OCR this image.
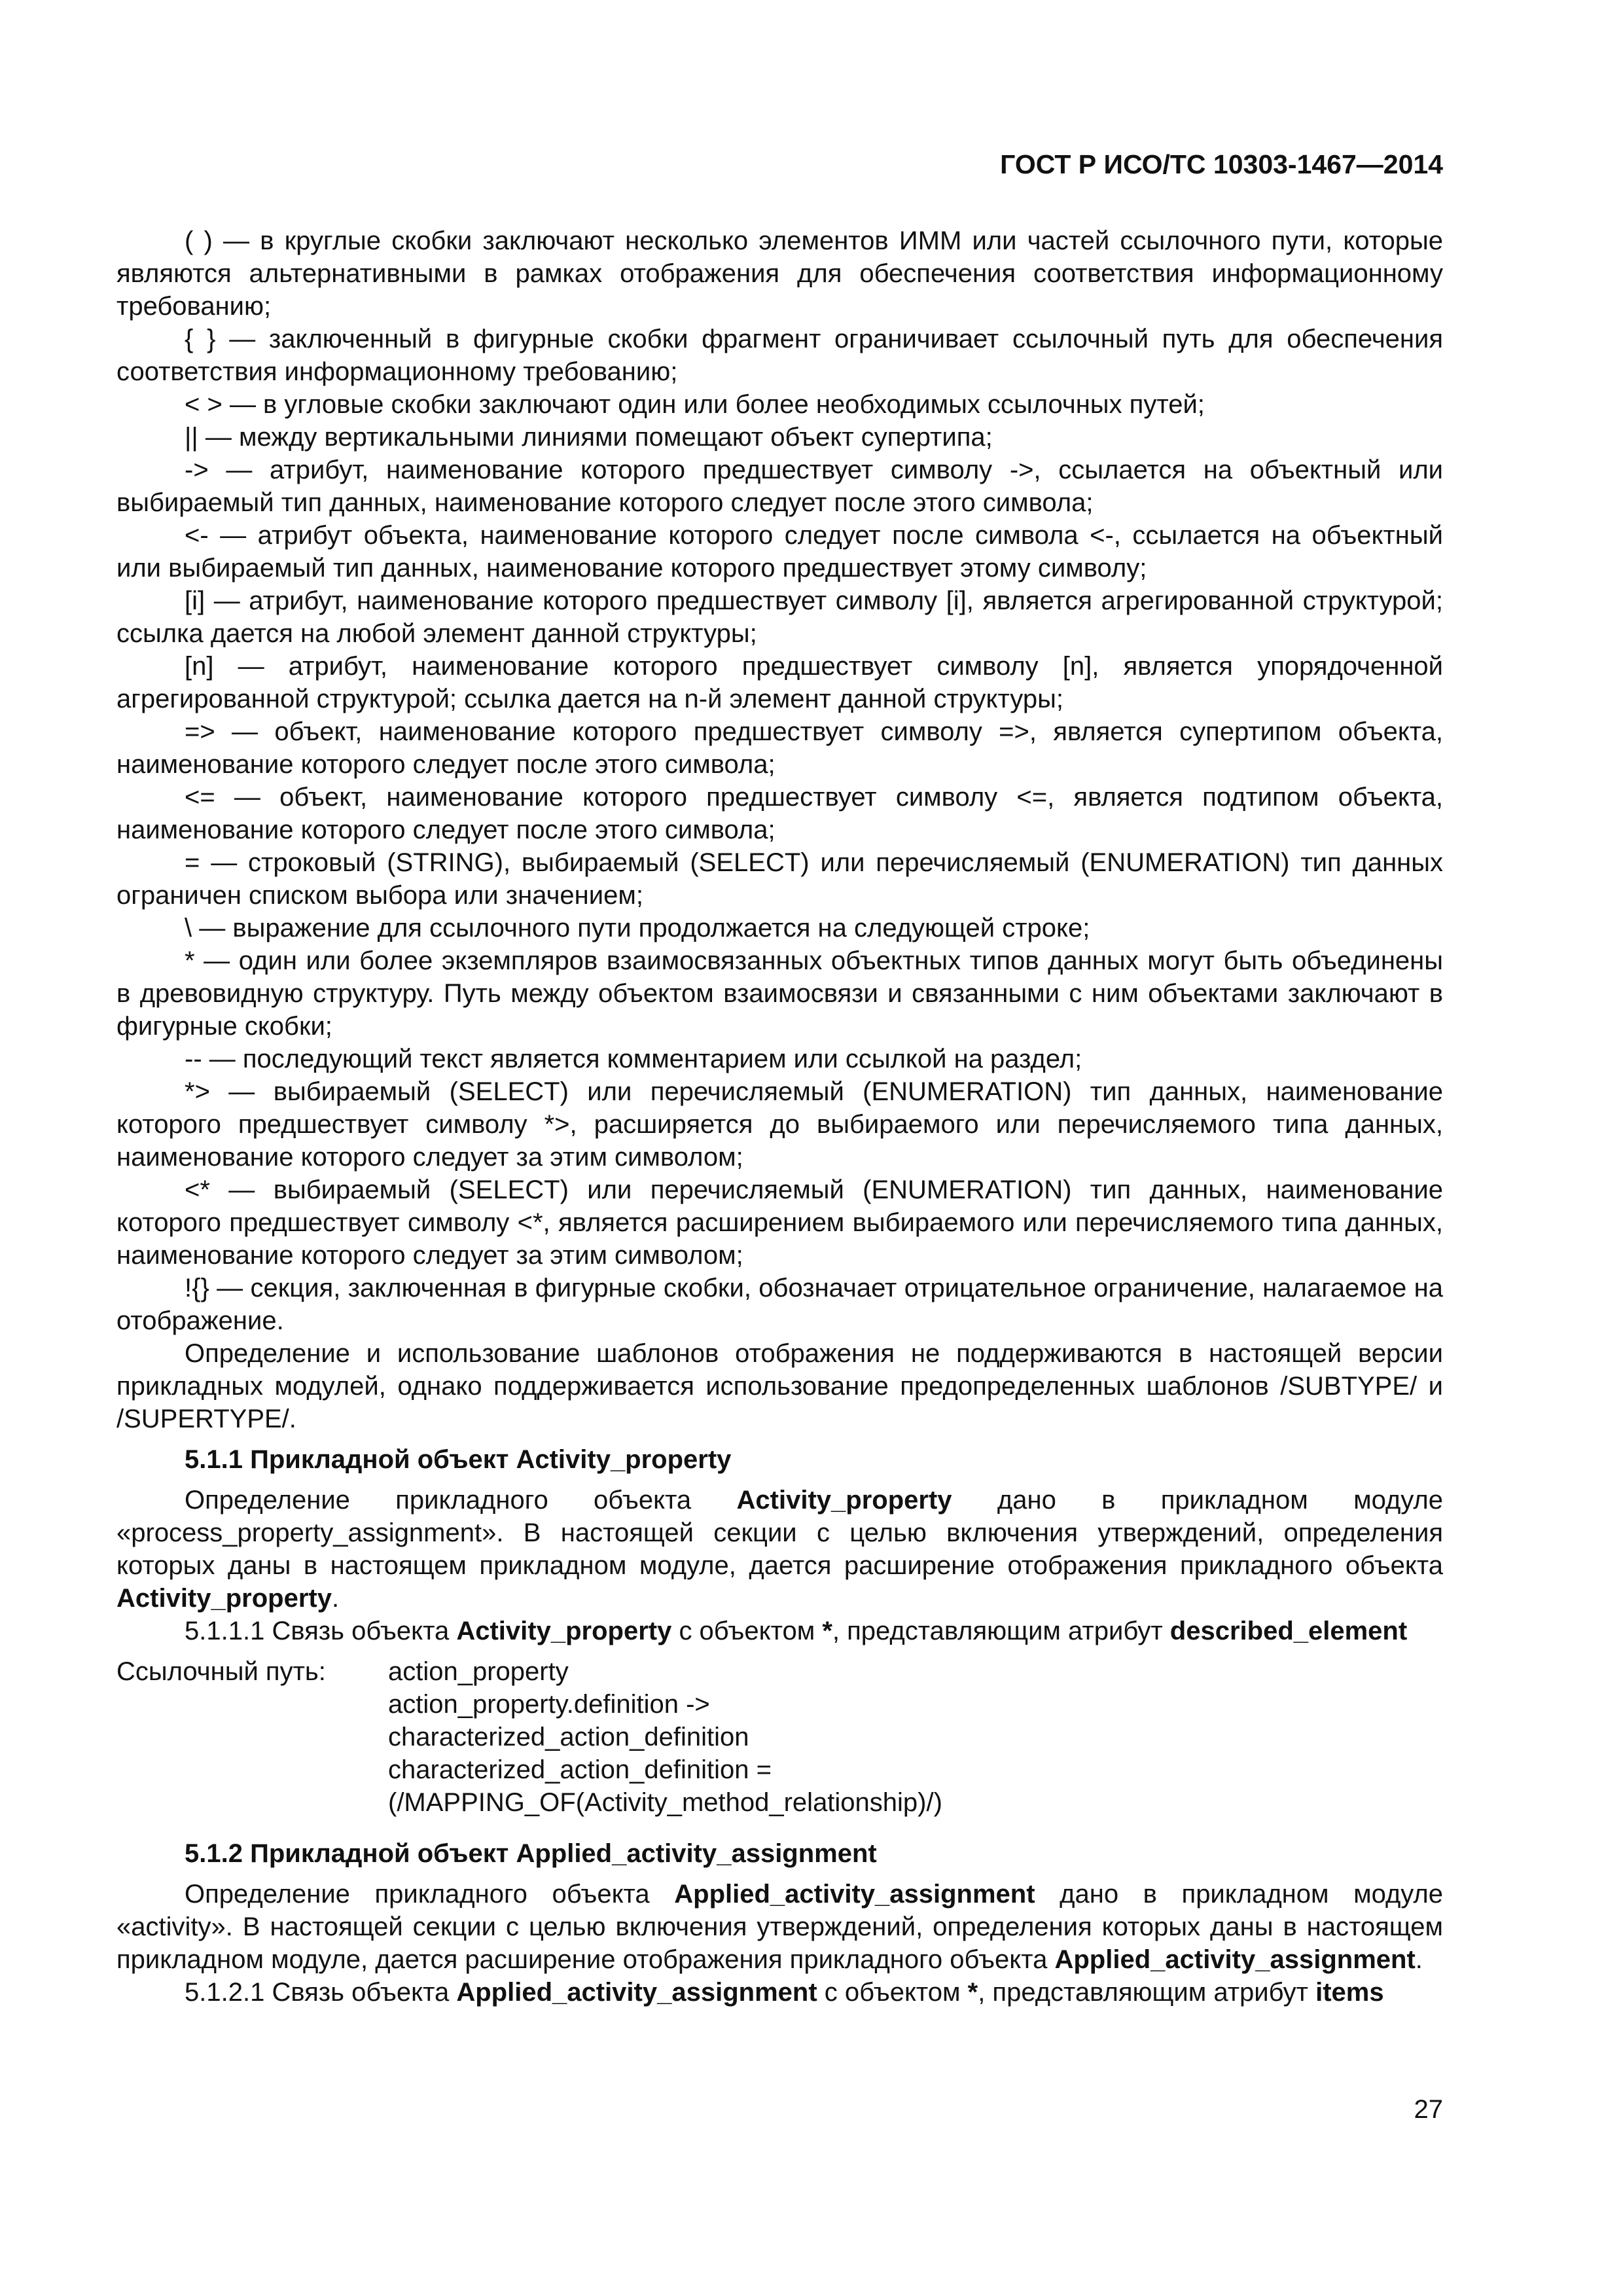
ГОСТ Р ИСО/ТС 10303-1467—2014

( ) — в круглые скобки заключают несколько элементов ИММ или частей ссылочного пути, которые являются альтернативными в рамках отображения для обеспечения соответствия информационному требованию;

{ } — заключенный в фигурные скобки фрагмент ограничивает ссылочный путь для обеспечения соответствия информационному требованию;

< > — в угловые скобки заключают один или более необходимых ссылочных путей;

|| — между вертикальными линиями помещают объект супертипа;

-> — атрибут, наименование которого предшествует символу ->, ссылается на объектный или выбираемый тип данных, наименование которого следует после этого символа;

<- — атрибут объекта, наименование которого следует после символа <-, ссылается на объектный или выбираемый тип данных, наименование которого предшествует этому символу;

[i] — атрибут, наименование которого предшествует символу [i], является агрегированной структурой; ссылка дается на любой элемент данной структуры;

[n] — атрибут, наименование которого предшествует символу [n], является упорядоченной агрегированной структурой; ссылка дается на n-й элемент данной структуры;

=> — объект, наименование которого предшествует символу =>, является супертипом объекта, наименование которого следует после этого символа;

<= — объект, наименование которого предшествует символу <=, является подтипом объекта, наименование которого следует после этого символа;

= — строковый (STRING), выбираемый (SELECT) или перечисляемый (ENUMERATION) тип данных ограничен списком выбора или значением;

\ — выражение для ссылочного пути продолжается на следующей строке;

* — один или более экземпляров взаимосвязанных объектных типов данных могут быть объединены в древовидную структуру. Путь между объектом взаимосвязи и связанными с ним объектами заключают в фигурные скобки;

-- — последующий текст является комментарием или ссылкой на раздел;

*> — выбираемый (SELECT) или перечисляемый (ENUMERATION) тип данных, наименование которого предшествует символу *>, расширяется до выбираемого или перечисляемого типа данных, наименование которого следует за этим символом;

<* — выбираемый (SELECT) или перечисляемый (ENUMERATION) тип данных, наименование которого предшествует символу <*, является расширением выбираемого или перечисляемого типа данных, наименование которого следует за этим символом;

!{} — секция, заключенная в фигурные скобки, обозначает отрицательное ограничение, налагаемое на отображение.

Определение и использование шаблонов отображения не поддерживаются в настоящей версии прикладных модулей, однако поддерживается использование предопределенных шаблонов /SUBTYPE/ и /SUPERTYPE/.

5.1.1 Прикладной объект Activity_property

Определение прикладного объекта Activity_property дано в прикладном модуле «process_property_assignment». В настоящей секции с целью включения утверждений, определения которых даны в настоящем прикладном модуле, дается расширение отображения прикладного объекта Activity_property.

5.1.1.1 Связь объекта Activity_property с объектом *, представляющим атрибут described_element

Ссылочный путь:	action_property
action_property.definition ->
characterized_action_definition
characterized_action_definition =
(/MAPPING_OF(Activity_method_relationship)/)
5.1.2 Прикладной объект Applied_activity_assignment

Определение прикладного объекта Applied_activity_assignment дано в прикладном модуле «activity». В настоящей секции с целью включения утверждений, определения которых даны в настоящем прикладном модуле, дается расширение отображения прикладного объекта Applied_activity_assignment.

5.1.2.1 Связь объекта Applied_activity_assignment с объектом *, представляющим атрибут items

27
